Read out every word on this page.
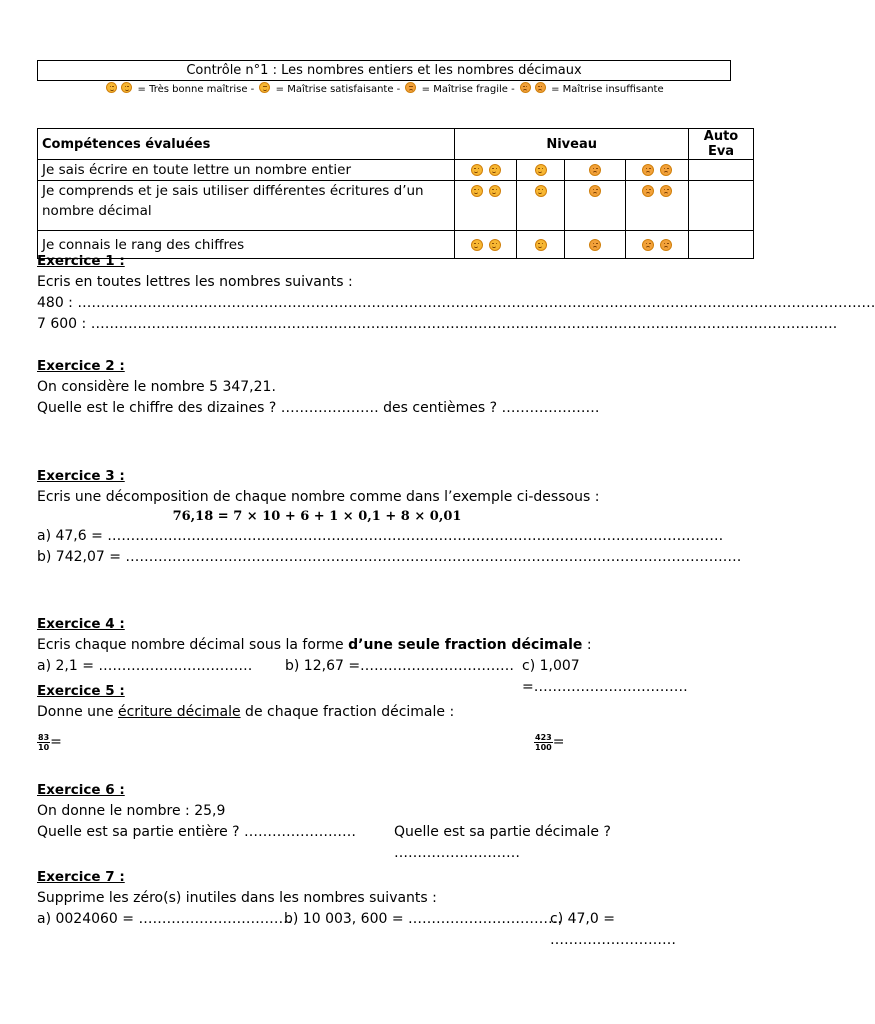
Contrôle n°1 : Les nombres entiers et les nombres décimaux
= Très bonne maîtrise - = Maîtrise satisfaisante - = Maîtrise fragile -	= Maîtrise insuffisante
Compétences évaluées	Niveau				Auto Eva
Je sais écrire en toute lettre un nombre entier	

Je comprends et je sais utiliser différentes écritures d’un nombre décimal	

Je connais le rang des chiffres	

Exercice 1 :
Ecris en toutes lettres les nombres suivants :
480 : ………………………………………………………………………………………………………………………………………………………
7 600 : …………………………………………………………………………………………………………………………………………….
Exercice 2 :
On considère le nombre 5 347,21.
Quelle est le chiffre des dizaines ? ………………… des centièmes ? …………………
Exercice 3 :
Ecris une décomposition de chaque nombre comme dans l’exemple ci-dessous :
76,18 = 7 × 10 + 6 + 1 × 0,1 + 8 × 0,01
a) 47,6 = ……………………………………………………………………………………………………………………
b) 742,07 = ……………………………………………………………………………………………………………………
Exercice 4 :
Ecris chaque nombre décimal sous la forme d’une seule fraction décimale :
a) 2,1 = …………………………… b) 12,67 =…………………………… c) 1,007 =……………………………
Exercice 5 :
Donne une écriture décimale de chaque fraction décimale :
$\frac{83}{10}$ =	$\frac{423}{100}$ =
Exercice 6 :
On donne le nombre : 25,9
Quelle est sa partie entière ? ……………………	Quelle est sa partie décimale ? ………………………
Exercice 7 :
Supprime les zéro(s) inutiles dans les nombres suivants :
a) 0024060 = ……………………………
b) 10 003, 600 = ……………………………
c) 47,0 = ………………………
